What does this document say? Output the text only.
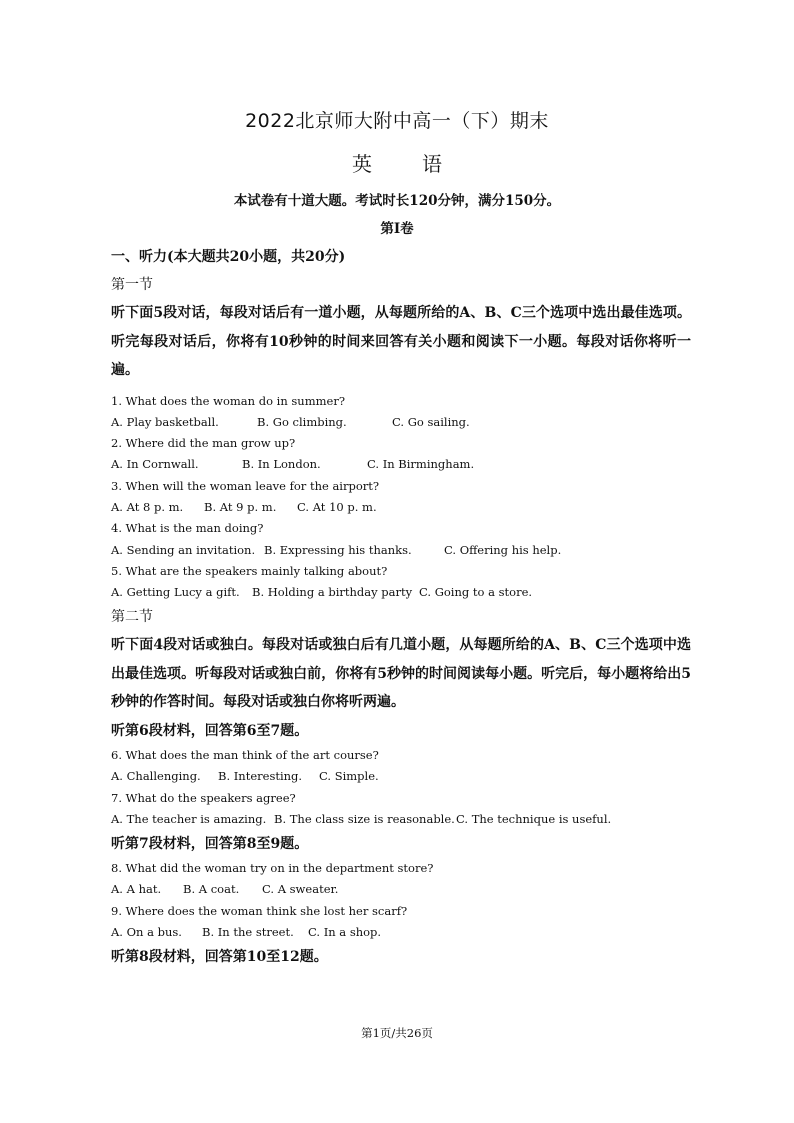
2022北京师大附中高一（下）期末
英	语
本试卷有十道大题。考试时长120分钟，满分150分。
第I卷

一、听力(本大题共20小题，共20分)

第一节

听下面5段对话，每段对话后有一道小题，从每题所给的A、B、C三个选项中选出最佳选项。听完每段对话后，你将有10秒钟的时间来回答有关小题和阅读下一小题。每段对话你将听一遍。

1. What does the woman do in summer?

A. Play basketball.	B. Go climbing.	C. Go sailing.

2. Where did the man grow up?

A. In Cornwall.	B. In London.	C. In Birmingham.

3. When will the woman leave for the airport?

A. At 8 p. m. B. At 9 p. m. C. At 10 p. m.

4. What is the man doing?

A. Sending an invitation. B. Expressing his thanks.	C. Offering his help.

5. What are the speakers mainly talking about?

A. Getting Lucy a gift. B. Holding a birthday party C. Going to a store.

第二节

听下面4段对话或独白。每段对话或独白后有几道小题，从每题所给的A、B、C三个选项中选出最佳选项。听每段对话或独白前，你将有5秒钟的时间阅读每小题。听完后，每小题将给出5秒钟的作答时间。每段对话或独白你将听两遍。

听第6段材料，回答第6至7题。

6. What does the man think of the art course?

A. Challenging. B. Interesting. C. Simple.

7. What do the speakers agree?

A. The teacher is amazing. B. The class size is reasonable.C. The technique is useful.

听第7段材料，回答第8至9题。

8. What did the woman try on in the department store?

A. A hat. B. A coat. C. A sweater.

9. Where does the woman think she lost her scarf?

A. On a bus. B. In the street. C. In a shop.

听第8段材料，回答第10至12题。

第1页/共26页
